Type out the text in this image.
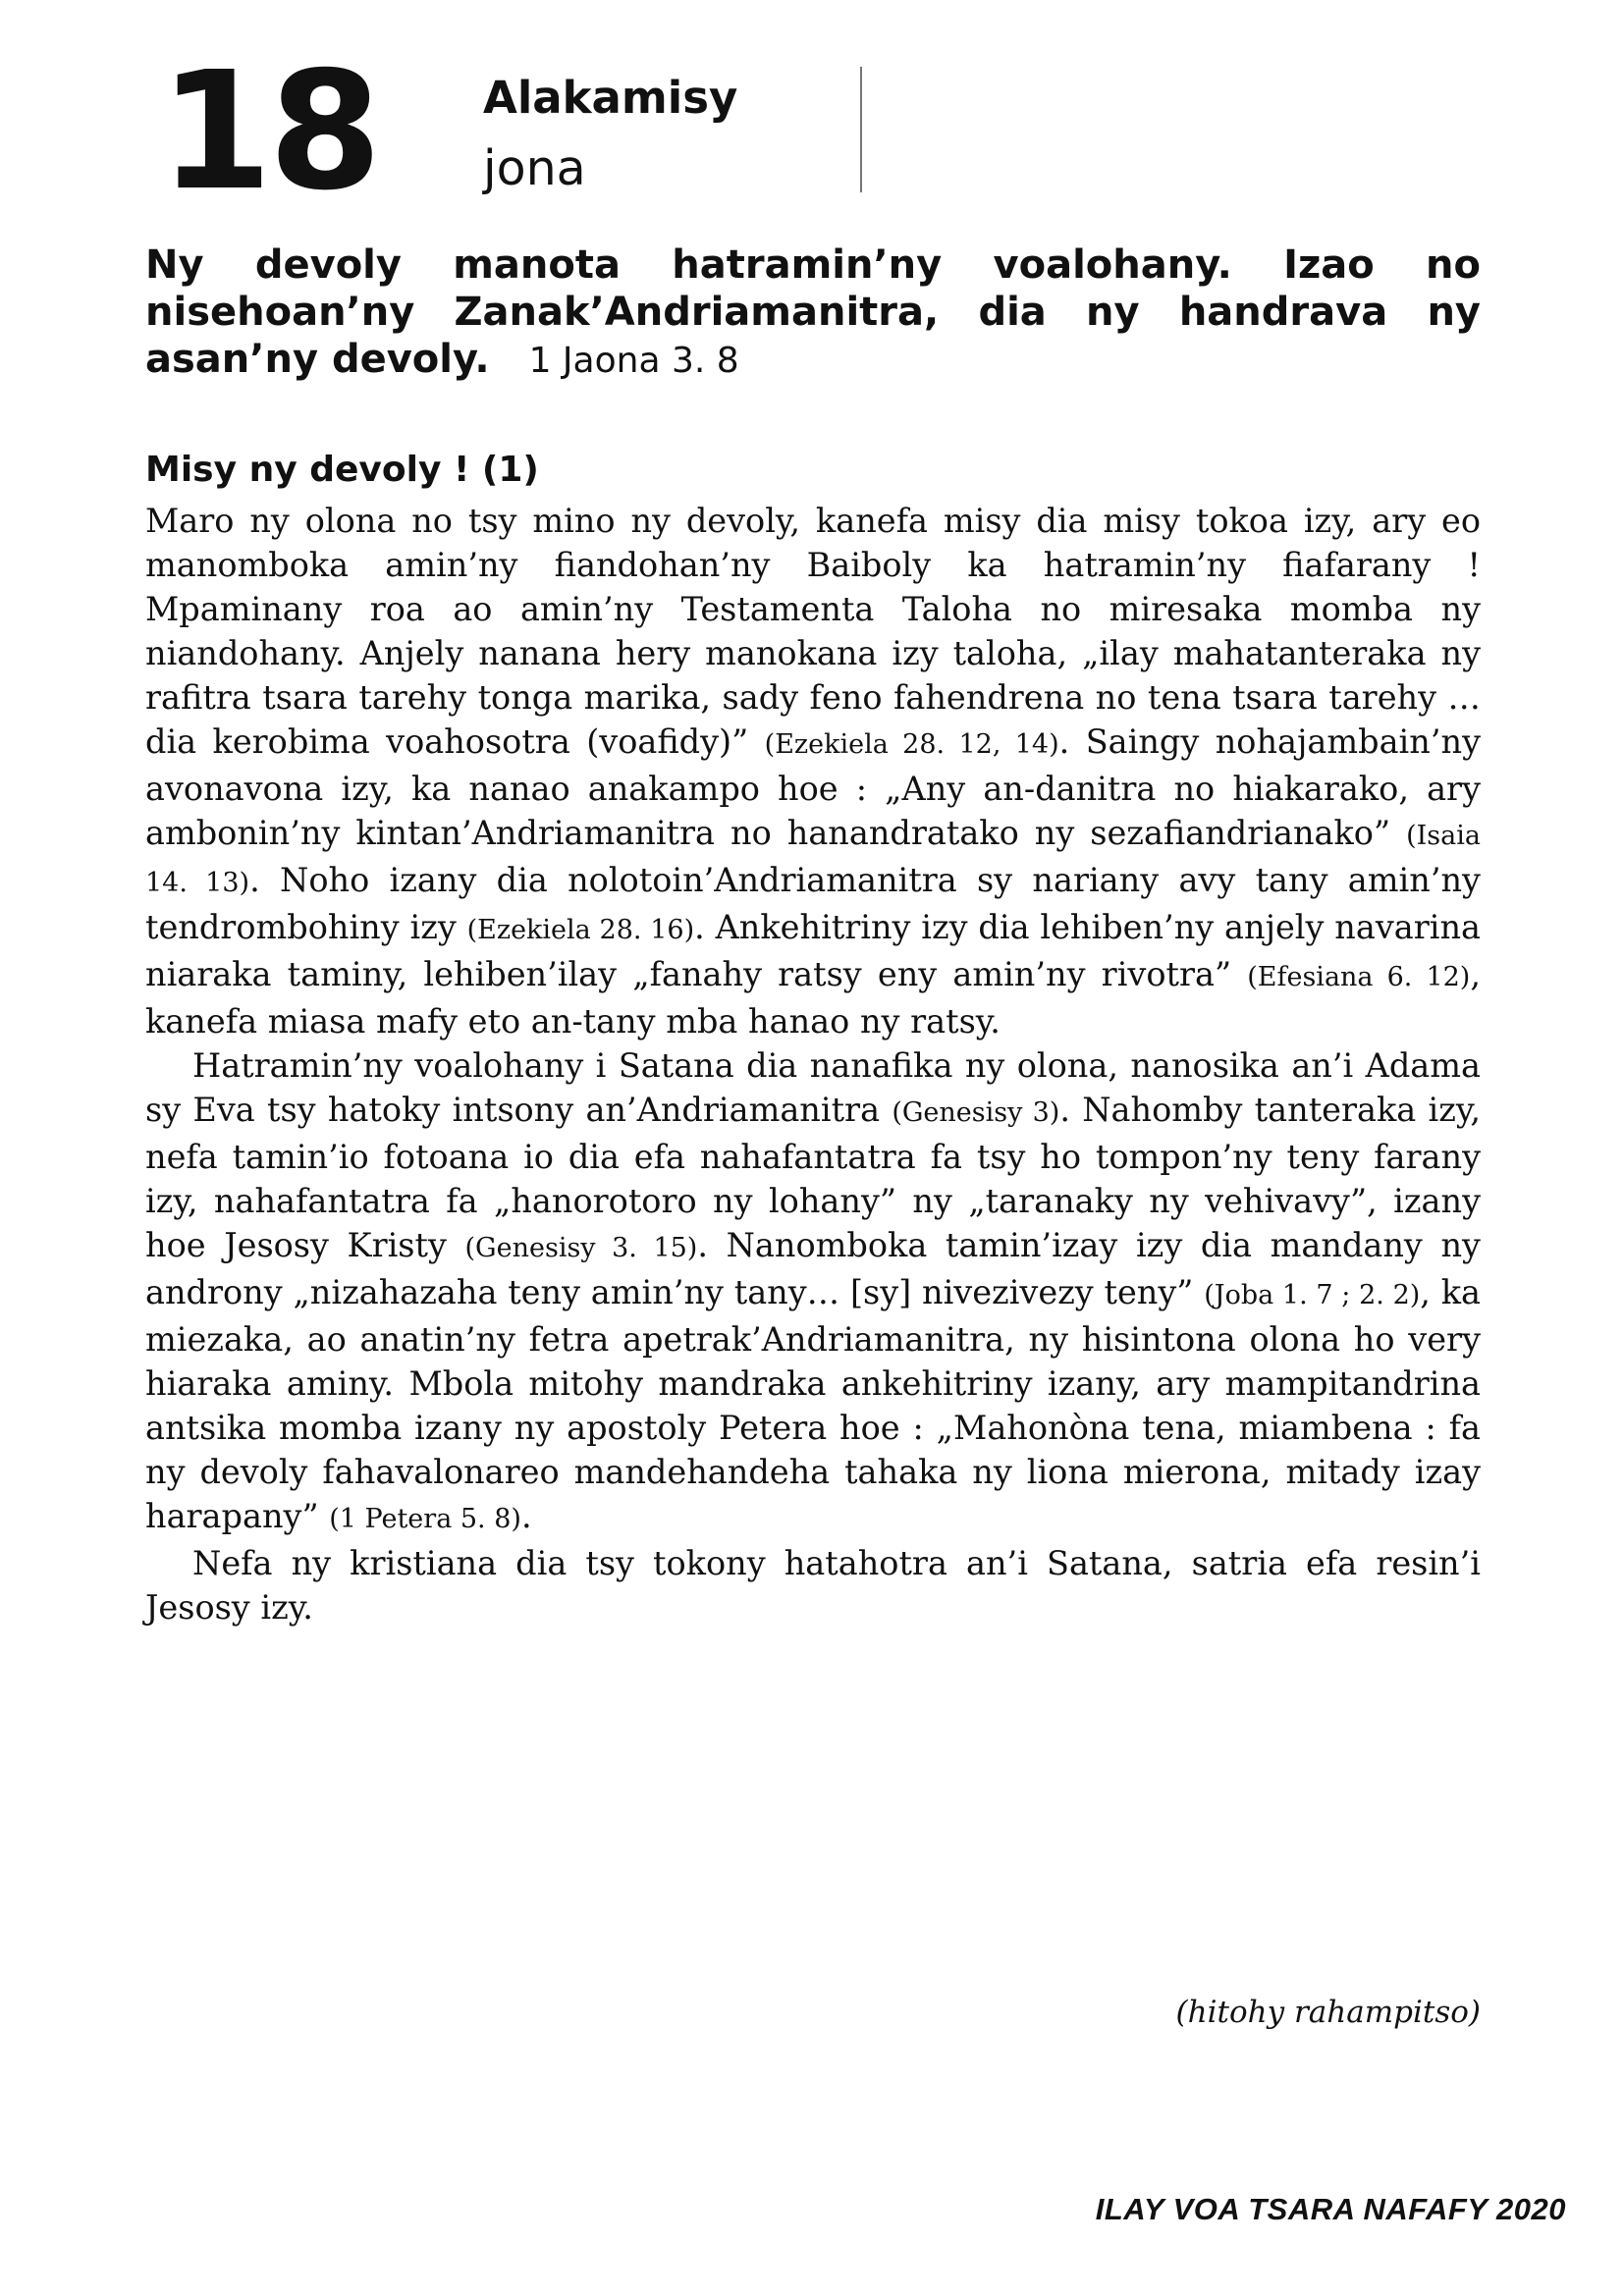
18 Alakamisy
jona
Ny devoly manota hatramin’ny voalohany. Izao no nisehoan’ny Zanak’Andriamanitra, dia ny handrava ny asan’ny devoly. 1 Jaona 3. 8
Misy ny devoly ! (1)

Maro ny olona no tsy mino ny devoly, kanefa misy dia misy tokoa izy, ary eo manomboka amin’ny fiandohan’ny Baiboly ka hatramin’ny fiafarany ! Mpaminany roa ao amin’ny Testamenta Taloha no miresaka momba ny niandohany. Anjely nanana hery manokana izy taloha, „ilay mahatanteraka ny rafitra tsara tarehy tonga marika, sady feno fahendrena no tena tsara tarehy … dia kerobima voahosotra (voafidy)” (Ezekiela 28. 12, 14). Saingy nohajambain’ny avonavona izy, ka nanao anakampo hoe : „Any an-danitra no hiakarako, ary ambonin’ny kintan’Andriamanitra no hanandratako ny sezafiandrianako” (Isaia 14. 13). Noho izany dia nolotoin’Andriamanitra sy nariany avy tany amin’ny tendrombohiny izy (Ezekiela 28. 16). Ankehitriny izy dia lehiben’ny anjely navarina niaraka taminy, lehiben’ilay „fanahy ratsy eny amin’ny rivotra” (Efesiana 6. 12), kanefa miasa mafy eto an-tany mba hanao ny ratsy.

Hatramin’ny voalohany i Satana dia nanafika ny olona, nanosika an’i Adama sy Eva tsy hatoky intsony an’Andriamanitra (Genesisy 3). Nahomby tanteraka izy, nefa tamin’io fotoana io dia efa nahafantatra fa tsy ho tompon’ny teny farany izy, nahafantatra fa „hanorotoro ny lohany” ny „taranaky ny vehivavy”, izany hoe Jesosy Kristy (Genesisy 3. 15). Nanomboka tamin’izay izy dia mandany ny androny „nizahazaha teny amin’ny tany… [sy] nivezivezy teny” (Joba 1. 7 ; 2. 2), ka miezaka, ao anatin’ny fetra apetrak’Andriamanitra, ny hisintona olona ho very hiaraka aminy. Mbola mitohy mandraka ankehitriny izany, ary mampitandrina antsika momba izany ny apostoly Petera hoe : „Mahonòna tena, miambena : fa ny devoly fahavalonareo mandehandeha tahaka ny liona mierona, mitady izay harapany” (1 Petera 5. 8).

Nefa ny kristiana dia tsy tokony hatahotra an’i Satana, satria efa resin’i Jesosy izy.

(hitohy rahampitso)
ILAY VOA TSARA NAFAFY 2020
